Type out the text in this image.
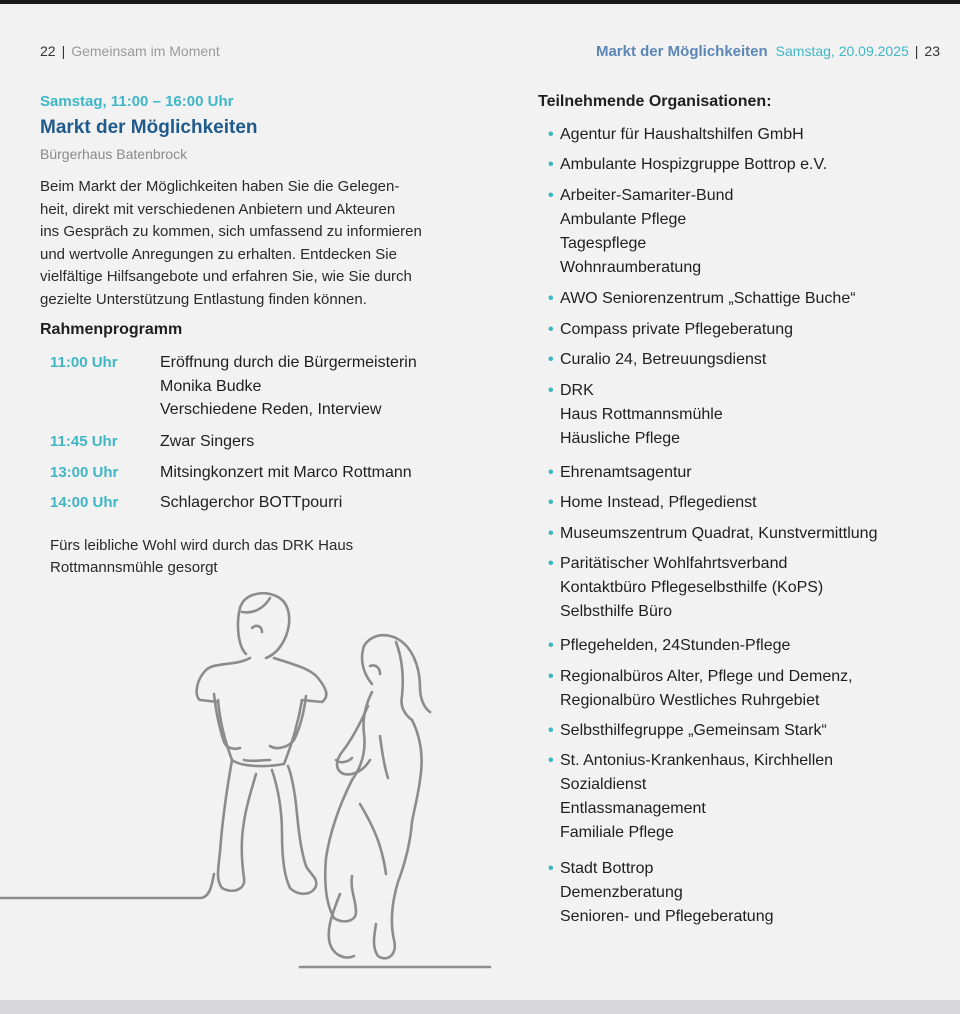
22 | Gemeinsam im Moment	Markt der Möglichkeiten Samstag, 20.09.2025 | 23
Samstag, 11:00 – 16:00 Uhr
Markt der Möglichkeiten
Bürgerhaus Batenbrock
Beim Markt der Möglichkeiten haben Sie die Gelegen-
heit, direkt mit verschiedenen Anbietern und Akteuren
ins Gespräch zu kommen, sich umfassend zu informieren
und wertvolle Anregungen zu erhalten. Entdecken Sie
vielfältige Hilfsangebote und erfahren Sie, wie Sie durch
gezielte Unterstützung Entlastung finden können.
Rahmenprogramm
11:00 Uhr	Eröffnung durch die Bürgermeisterin
Monika Budke
Verschiedene Reden, Interview
11:45 Uhr	Zwar Singers
13:00 Uhr	Mitsingkonzert mit Marco Rottmann
14:00 Uhr	Schlagerchor BOTTpourri
Fürs leibliche Wohl wird durch das DRK Haus
Rottmannsmühle gesorgt
Teilnehmende Organisationen:
• Agentur für Haushaltshilfen GmbH
• Ambulante Hospizgruppe Bottrop e.V.
• Arbeiter-Samariter-Bund
Ambulante Pflege
Tagespflege
Wohnraumberatung
• AWO Seniorenzentrum „Schattige Buche“
• Compass private Pflegeberatung
• Curalio 24, Betreuungsdienst
• DRK
Haus Rottmannsmühle
Häusliche Pflege
• Ehrenamtsagentur
• Home Instead, Pflegedienst
• Museumszentrum Quadrat, Kunstvermittlung
• Paritätischer Wohlfahrtsverband
Kontaktbüro Pflegeselbsthilfe (KoPS)
Selbsthilfe Büro
• Pflegehelden, 24Stunden-Pflege
• Regionalbüros Alter, Pflege und Demenz,
Regionalbüro Westliches Ruhrgebiet
• Selbsthilfegruppe „Gemeinsam Stark“
• St. Antonius-Krankenhaus, Kirchhellen
Sozialdienst
Entlassmanagement
Familiale Pflege
• Stadt Bottrop
Demenzberatung
Senioren- und Pflegeberatung
